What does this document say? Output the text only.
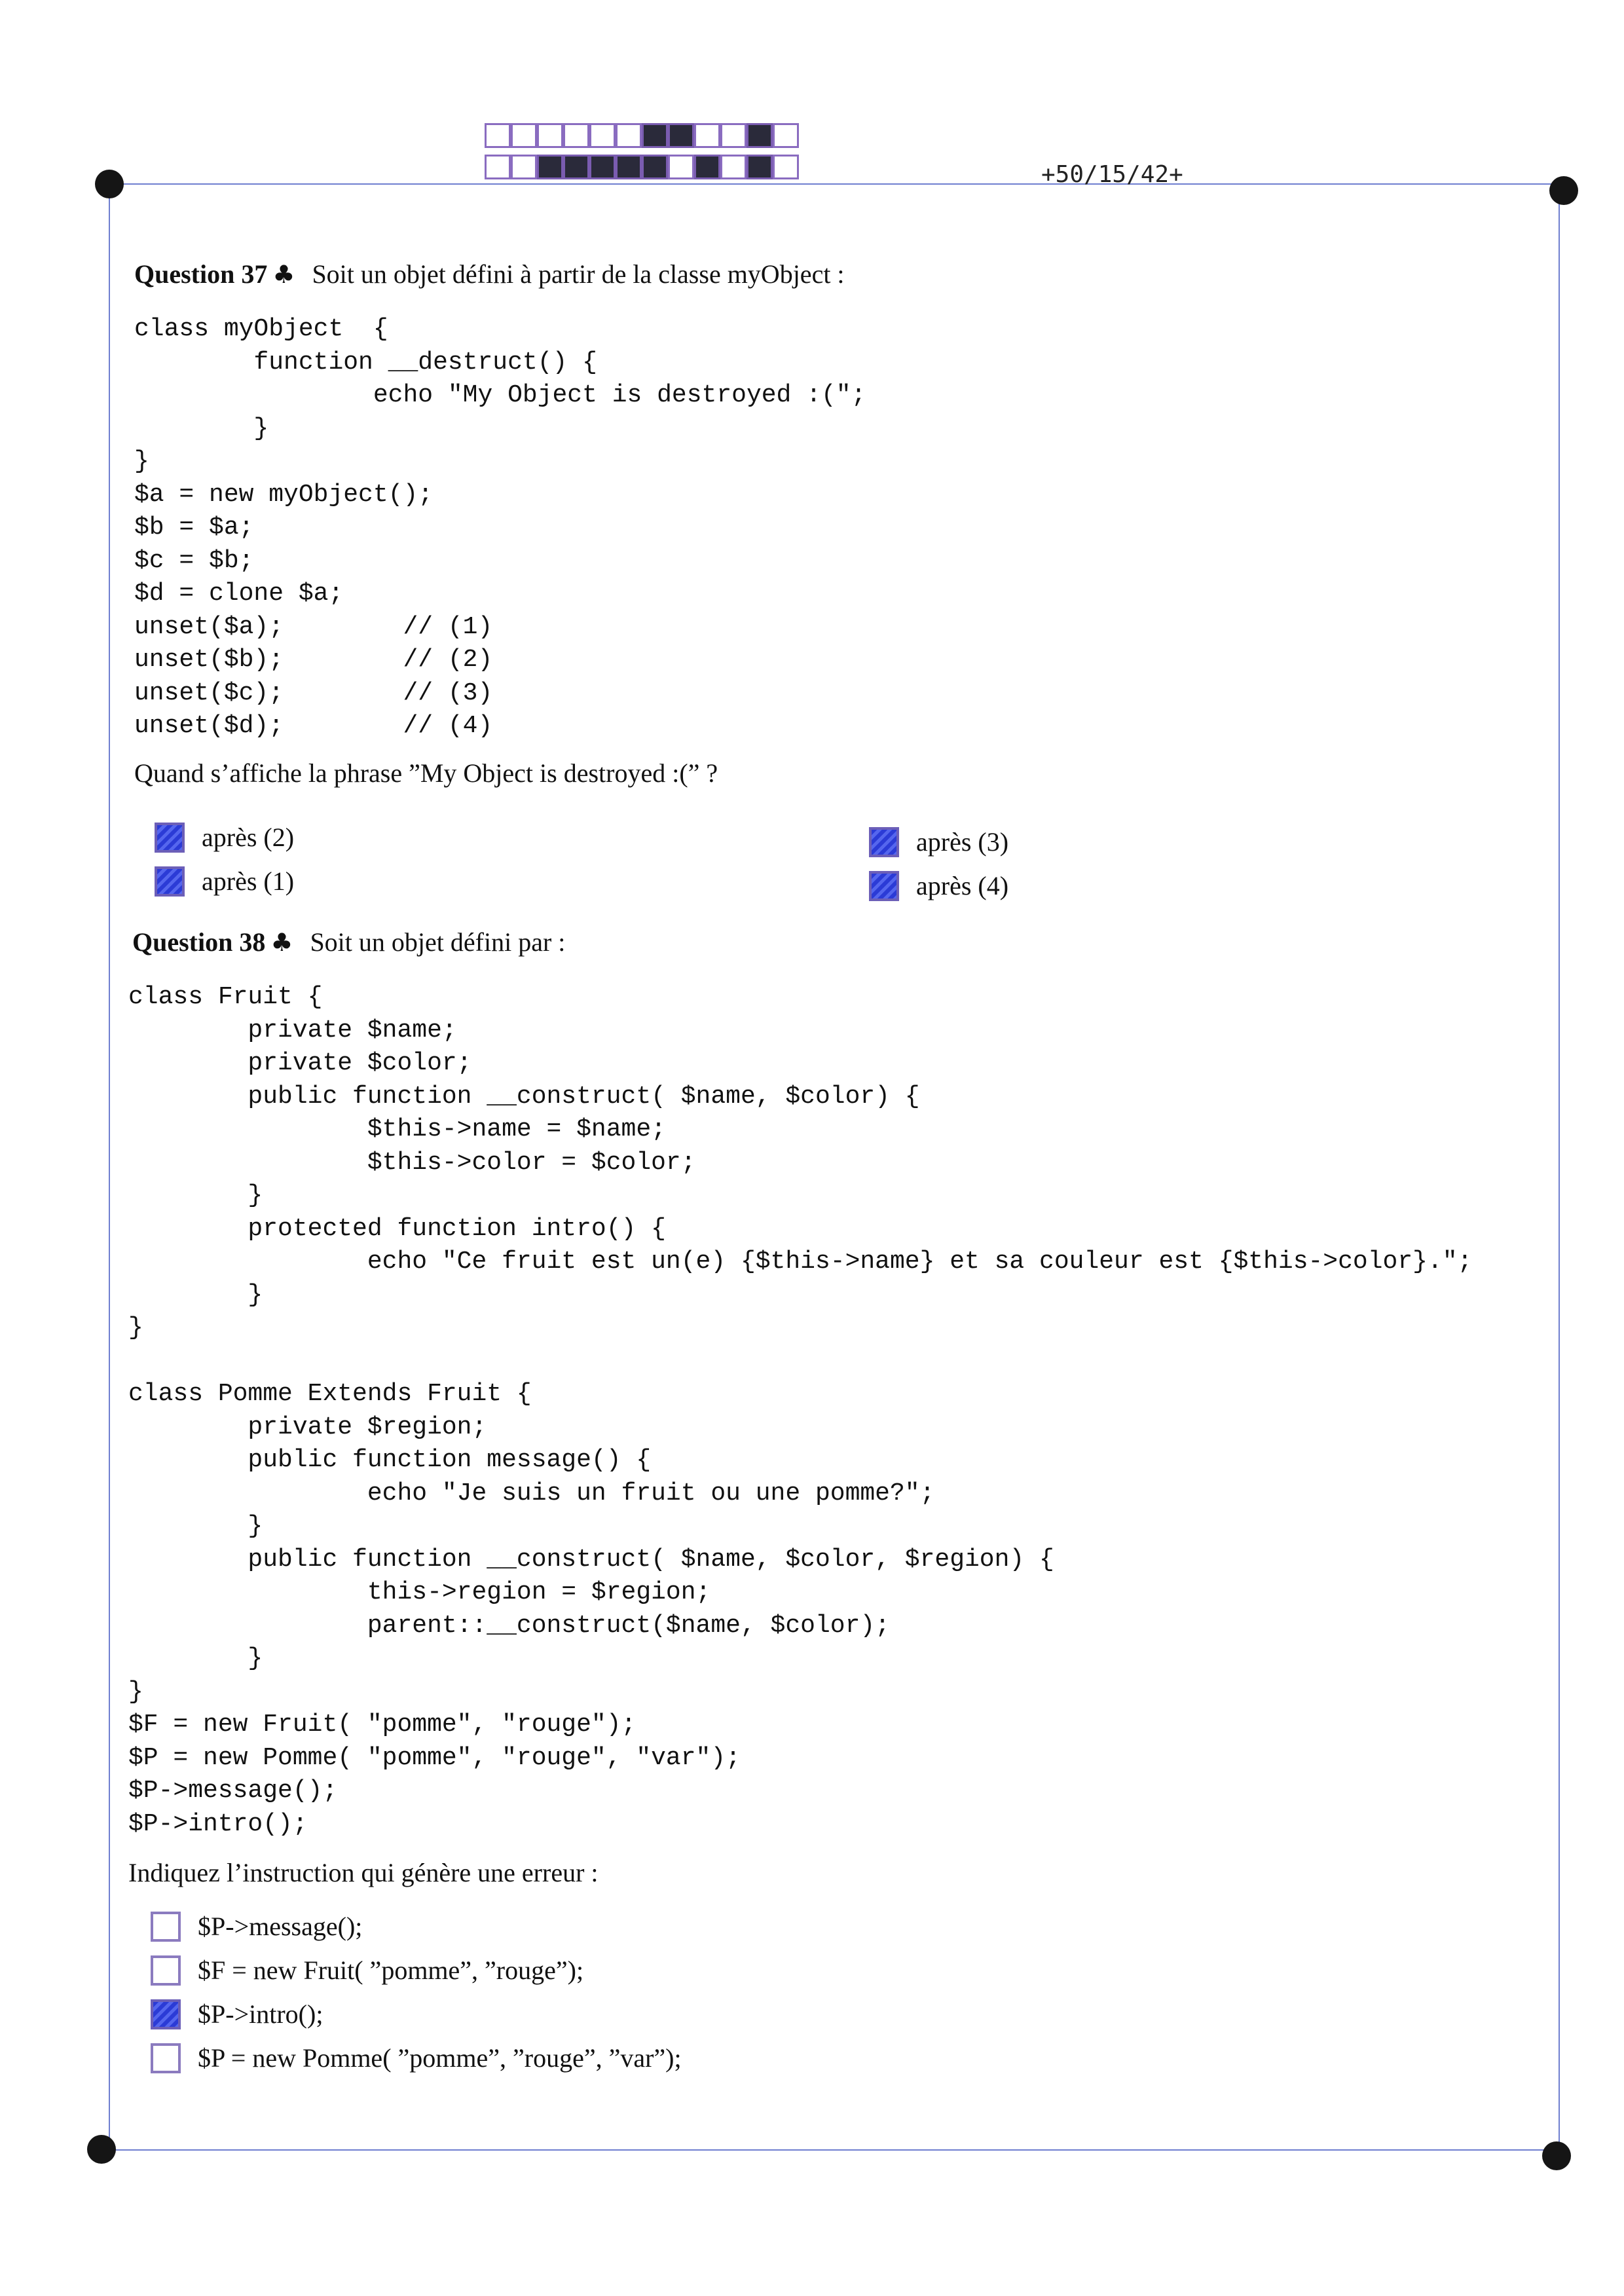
+50/15/42+
Question 37 ♣ Soit un objet défini à partir de la classe myObject :
class myObject  {
function __destruct() {
echo "My Object is destroyed :(";
}
}
$a = new myObject();
$b = $a;
$c = $b;
$d = clone $a;
unset($a);        // (1)
unset($b);        // (2)
unset($c);        // (3)
unset($d);        // (4)
Quand s’affiche la phrase ”My Object is destroyed :(” ?
après (2)
après (1)
après (3)
après (4)
Question 38 ♣ Soit un objet défini par :
class Fruit {
private $name;
private $color;
public function __construct( $name, $color) {
$this->name = $name;
$this->color = $color;
}
protected function intro() {
echo "Ce fruit est un(e) {$this->name} et sa couleur est {$this->color}.";
}
}

class Pomme Extends Fruit {
private $region;
public function message() {
echo "Je suis un fruit ou une pomme?";
}
public function __construct( $name, $color, $region) {
this->region = $region;
parent::__construct($name, $color);
}
}
$F = new Fruit( "pomme", "rouge");
$P = new Pomme( "pomme", "rouge", "var");
$P->message();
$P->intro();
Indiquez l’instruction qui génère une erreur :
$P->message();
$F = new Fruit( ”pomme”, ”rouge”);
$P->intro();
$P = new Pomme( ”pomme”, ”rouge”, ”var”);
